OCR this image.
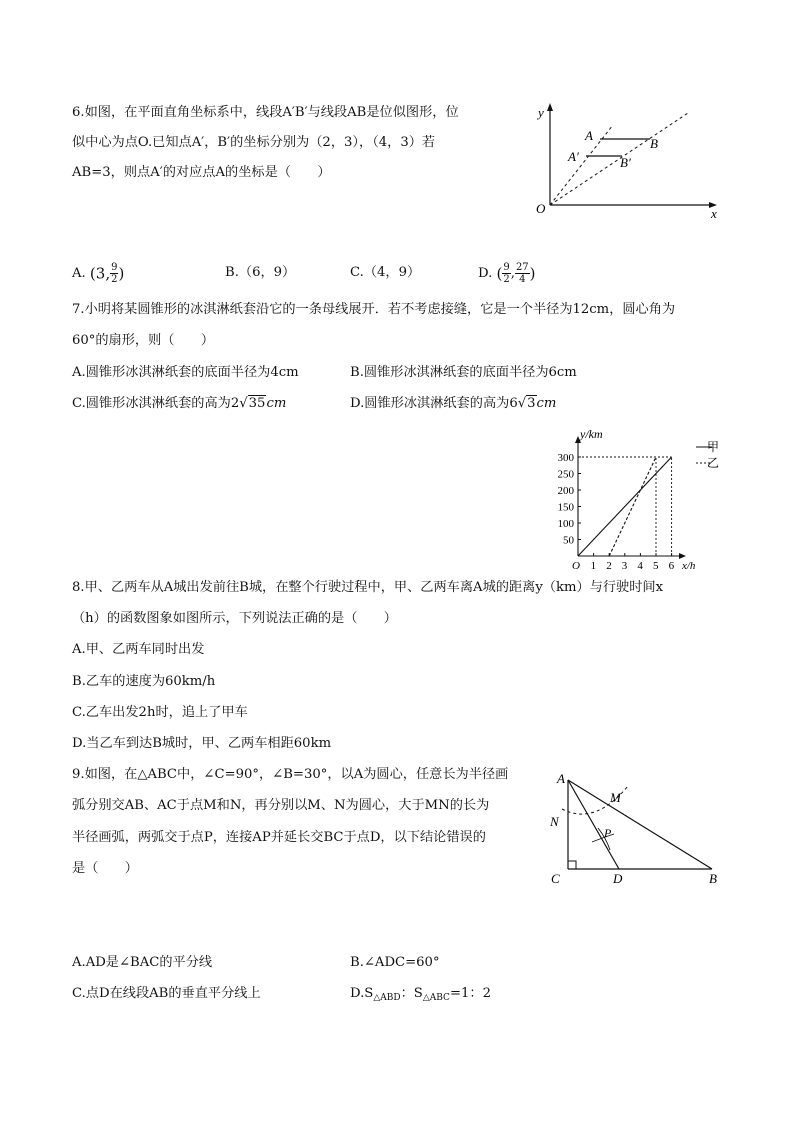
6.如图，在平面直角坐标系中，线段A′B′与线段AB是位似图形，位
似中心为点O.已知点A′，B′的坐标分别为（2，3），（4，3）若
AB=3，则点A′的对应点A的坐标是（　　）
y
x
O
A
B
A′	B′
A. (3, $\frac{9}{2}$ )	B.（6，9）	C.（4，9）	D. ( $\frac{9}{2}$ , $\frac{27}{4}$ )
7.小明将某圆锥形的冰淇淋纸套沿它的一条母线展开．若不考虑接缝，它是一个半径为12cm，圆心角为
60°的扇形，则（　　）
A.圆锥形冰淇淋纸套的底面半径为4cm	B.圆锥形冰淇淋纸套的底面半径为6cm
C.圆锥形冰淇淋纸套的高为2√35cm	D.圆锥形冰淇淋纸套的高为6√3cm
1 2 3 4 5 6
50
100
150
200
250
300
O	x/h
y/km
甲
乙
8.甲、乙两车从A城出发前往B城，在整个行驶过程中，甲、乙两车离A城的距离y（km）与行驶时间x
（h）的函数图象如图所示，下列说法正确的是（　　）
A.甲、乙两车同时出发
B.乙车的速度为60km/h
C.乙车出发2h时，追上了甲车
D.当乙车到达B城时，甲、乙两车相距60km
9.如图，在△ABC中，∠C=90°，∠B=30°，以A为圆心，任意长为半径画
弧分别交AB、AC于点M和N，再分别以M、N为圆心，大于MN的长为
半径画弧，两弧交于点P，连接AP并延长交BC于点D，以下结论错误的
是（　　）
A
B
C	D
M
N
P
A.AD是∠BAC的平分线	B.∠ADC=60°
C.点D在线段AB的垂直平分线上	$D.S_{\triangle ABD}$：$S_{\triangle ABC}=1$：2
